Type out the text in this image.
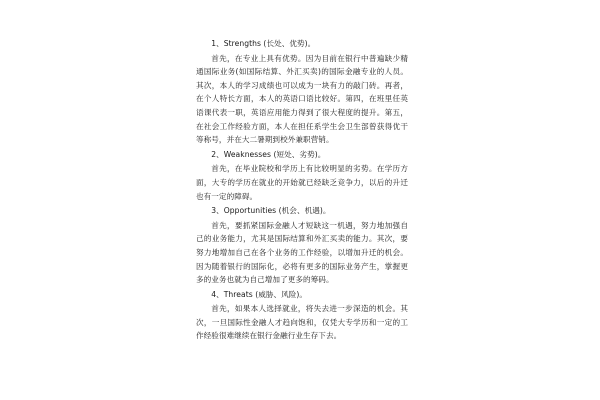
1、Strengths (长处、优势)。

首先，在专业上具有优势。因为目前在银行中普遍缺少精通国际业务(如国际结算、外汇买卖)的国际金融专业的人员。其次，本人的学习成绩也可以成为一块有力的敲门砖。再者，在个人特长方面，本人的英语口语比较好。第四，在班里任英语课代表一职，英语应用能力得到了很大程度的提升。第五，在社会工作经验方面，本人在担任系学生会卫生部曾获得优干等称号，并在大二暑期到校外兼职营销。

2、Weaknesses (短处、劣势)。

首先，在毕业院校和学历上有比较明显的劣势。在学历方面，大专的学历在就业的开始就已经缺乏竞争力，以后的升迁也有一定的障碍。

3、Opportunities (机会、机遇)。

首先，要抓紧国际金融人才短缺这一机遇，努力地加强自己的业务能力，尤其是国际结算和外汇买卖的能力。其次，要努力地增加自己在各个业务的工作经验，以增加升迁的机会。因为随着银行的国际化，必将有更多的国际业务产生，掌握更多的业务也就为自己增加了更多的筹码。

4、Threats (威胁、风险)。

首先，如果本人选择就业，将失去进一步深造的机会。其次，一旦国际性金融人才趋向饱和，仅凭大专学历和一定的工作经验很难继续在银行金融行业生存下去。
